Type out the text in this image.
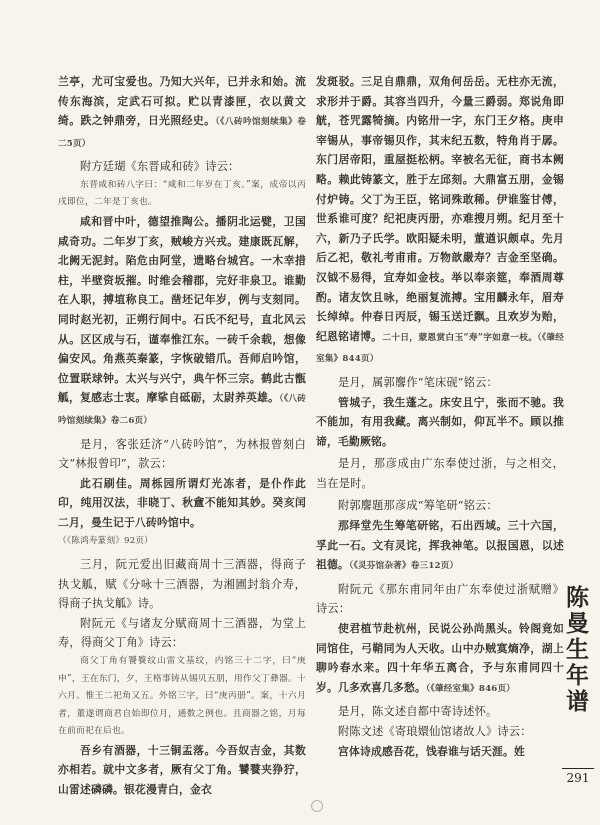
兰亭，尤可宝爱也。乃知大兴年，已并永和始。流传东海滨，定武石可拟。贮以青漆匣，衣以黄文绮。跌之钟鼎旁，日光照经史。（《八砖吟馆刻续集》卷二5页）

附方廷瑚《东晋咸和砖》诗云：

东晋咸和砖八字曰：“咸和二年岁在丁亥。”案，成帝以丙戌即位，二年是丁亥也。

咸和晋中叶，德望推陶公。播阴北运甓，卫国咸奇功。二年岁丁亥，贼峻方兴戎。建康既瓦解，北阙无泥封。陷危由阿堂，遗略台城宫。一木幸措柱，半壁资坂摧。时维会稽郡，完好非泉卫。谁勤在人职，搏埴称良工。凿坯记年岁，例与支刻同。同时赵光初，正朔行间中。石氏不纪号，直北风云从。区区成与石，谨奉惟江东。一砖千余载，想像偏安风。角燕英秦篆，字恢破错爪。吾师启吟馆，位置联球钟。太兴与兴宁，典午怀三宗。鹤此古甑觚，复感志士衷。摩挲自砥砺，太尉养英雄。（《八砖吟馆刻续集》卷二6页）

是月，客张廷济“八砖吟馆”，为林报曾刻白文“林报曾印”，款云：

此石刷佳。周栎园所谓灯光冻者，是仆作此印，纯用汉法，非晓丁、秋盦不能知其妙。癸亥闰二月，曼生记于八砖吟馆中。

（《陈鸿寿篆刻》92页）

三月，阮元爱出旧藏商周十三酒器，得商子执戈觚，赋《分咏十三酒器，为湘圃封翁介寿，得商子执戈觚》诗。

附阮元《与诸友分赋商周十三酒器，为堂上寿，得商父丁角》诗云：

商父丁角有饕餮纹山雷文基纹，内铭三十二字，曰“庚申”，王在东门，夕，王格事铸从锡贝五朋，用作父丁彝器。十六月。惟王二祀角又五。外铭三字，曰“庚丙册”。案，十六月者，董遂谓商君自始即位月，通数之例也。且商器之铭，月每在前而祀在后也。

吾乡有酒器，十三铜盂落。今吾奴吉金，其数亦相若。就中文多者，厥有父丁角。饕餮夹狰狞，山雷述磷磷。银花漫青白，金衣

发斑驳。三足自鼎鼎，双角何岳岳。无柱亦无流，求形并于爵。其容当四升，今量三爵弱。郑说角即觥，苍咒露犄摘。内铭卅一字，东门王夕格。庚申宰锡从，事帝锡贝作，其末纪五数，特角肖于孱。东门居帝阳，重屋挺松柄。宰被名无征，商书本阙略。赖此铸篆文，胜于左邱刻。大鼎富五朋，金锡付炉铸。父丁为王臣，铭词殊敢稀。伊谁鉴甘傅，世系谁可度？纪祀庚丙册，亦难搜月朔。纪月至十六，新乃子氏学。欧阳疑未明，董遒识颇卓。先月后乙祀，敬礼考甫甫。万物歆嚴寿？吉金至坚确。汉钺不易得，宜寿如金枝。举以奉亲筵，奉酒周尊酌。诸友饮且咏，绝丽复流搏。宝用麟永年，眉寿长绰绰。仲春日丙辰，锡玉送迁飘。且欢岁为贻，纪恩铭诸博。二十日，蒙恩赏白玉“寿”字如意一枝。（《肇经室集》844页）

是月，属郭麐作“笔床砚”铭云：

管城子，我生蓬之。床安且宁，张而不驰。我不能加，有用我藏。离兴制如，仰瓦半不。顾以推谛，毛勤厥铭。

是月，那彦成由广东奉使过浙，与之相交，当在是时。

附郭麐题那彦成“筹笔研”铭云：

那绎堂先生筹笔研铭，石出西域。三十六国，孚此一石。文有灵诧，挥我神笔。以报国恩，以述祖德。（《灵芬馆杂著》卷三12页）

附阮元《那东甫同年由广东奉使过浙赋赠》诗云：

使君植节赴杭州，民说公孙尚黑头。铃阁竟如同馆住，弓鞘同为人天收。山中办贼寞熵净，湖上聊吟春水来。四十年华五离合，予与东甫同四十岁。几多欢喜几多愁。（《肇经室集》846页）

是月，陈文述自都中寄诗述怀。

附陈文述《寄琅嬛仙馆诸故人》诗云：

宫体诗成感吾花，饯春谁与话天涯。姓

陈曼生年谱
291
